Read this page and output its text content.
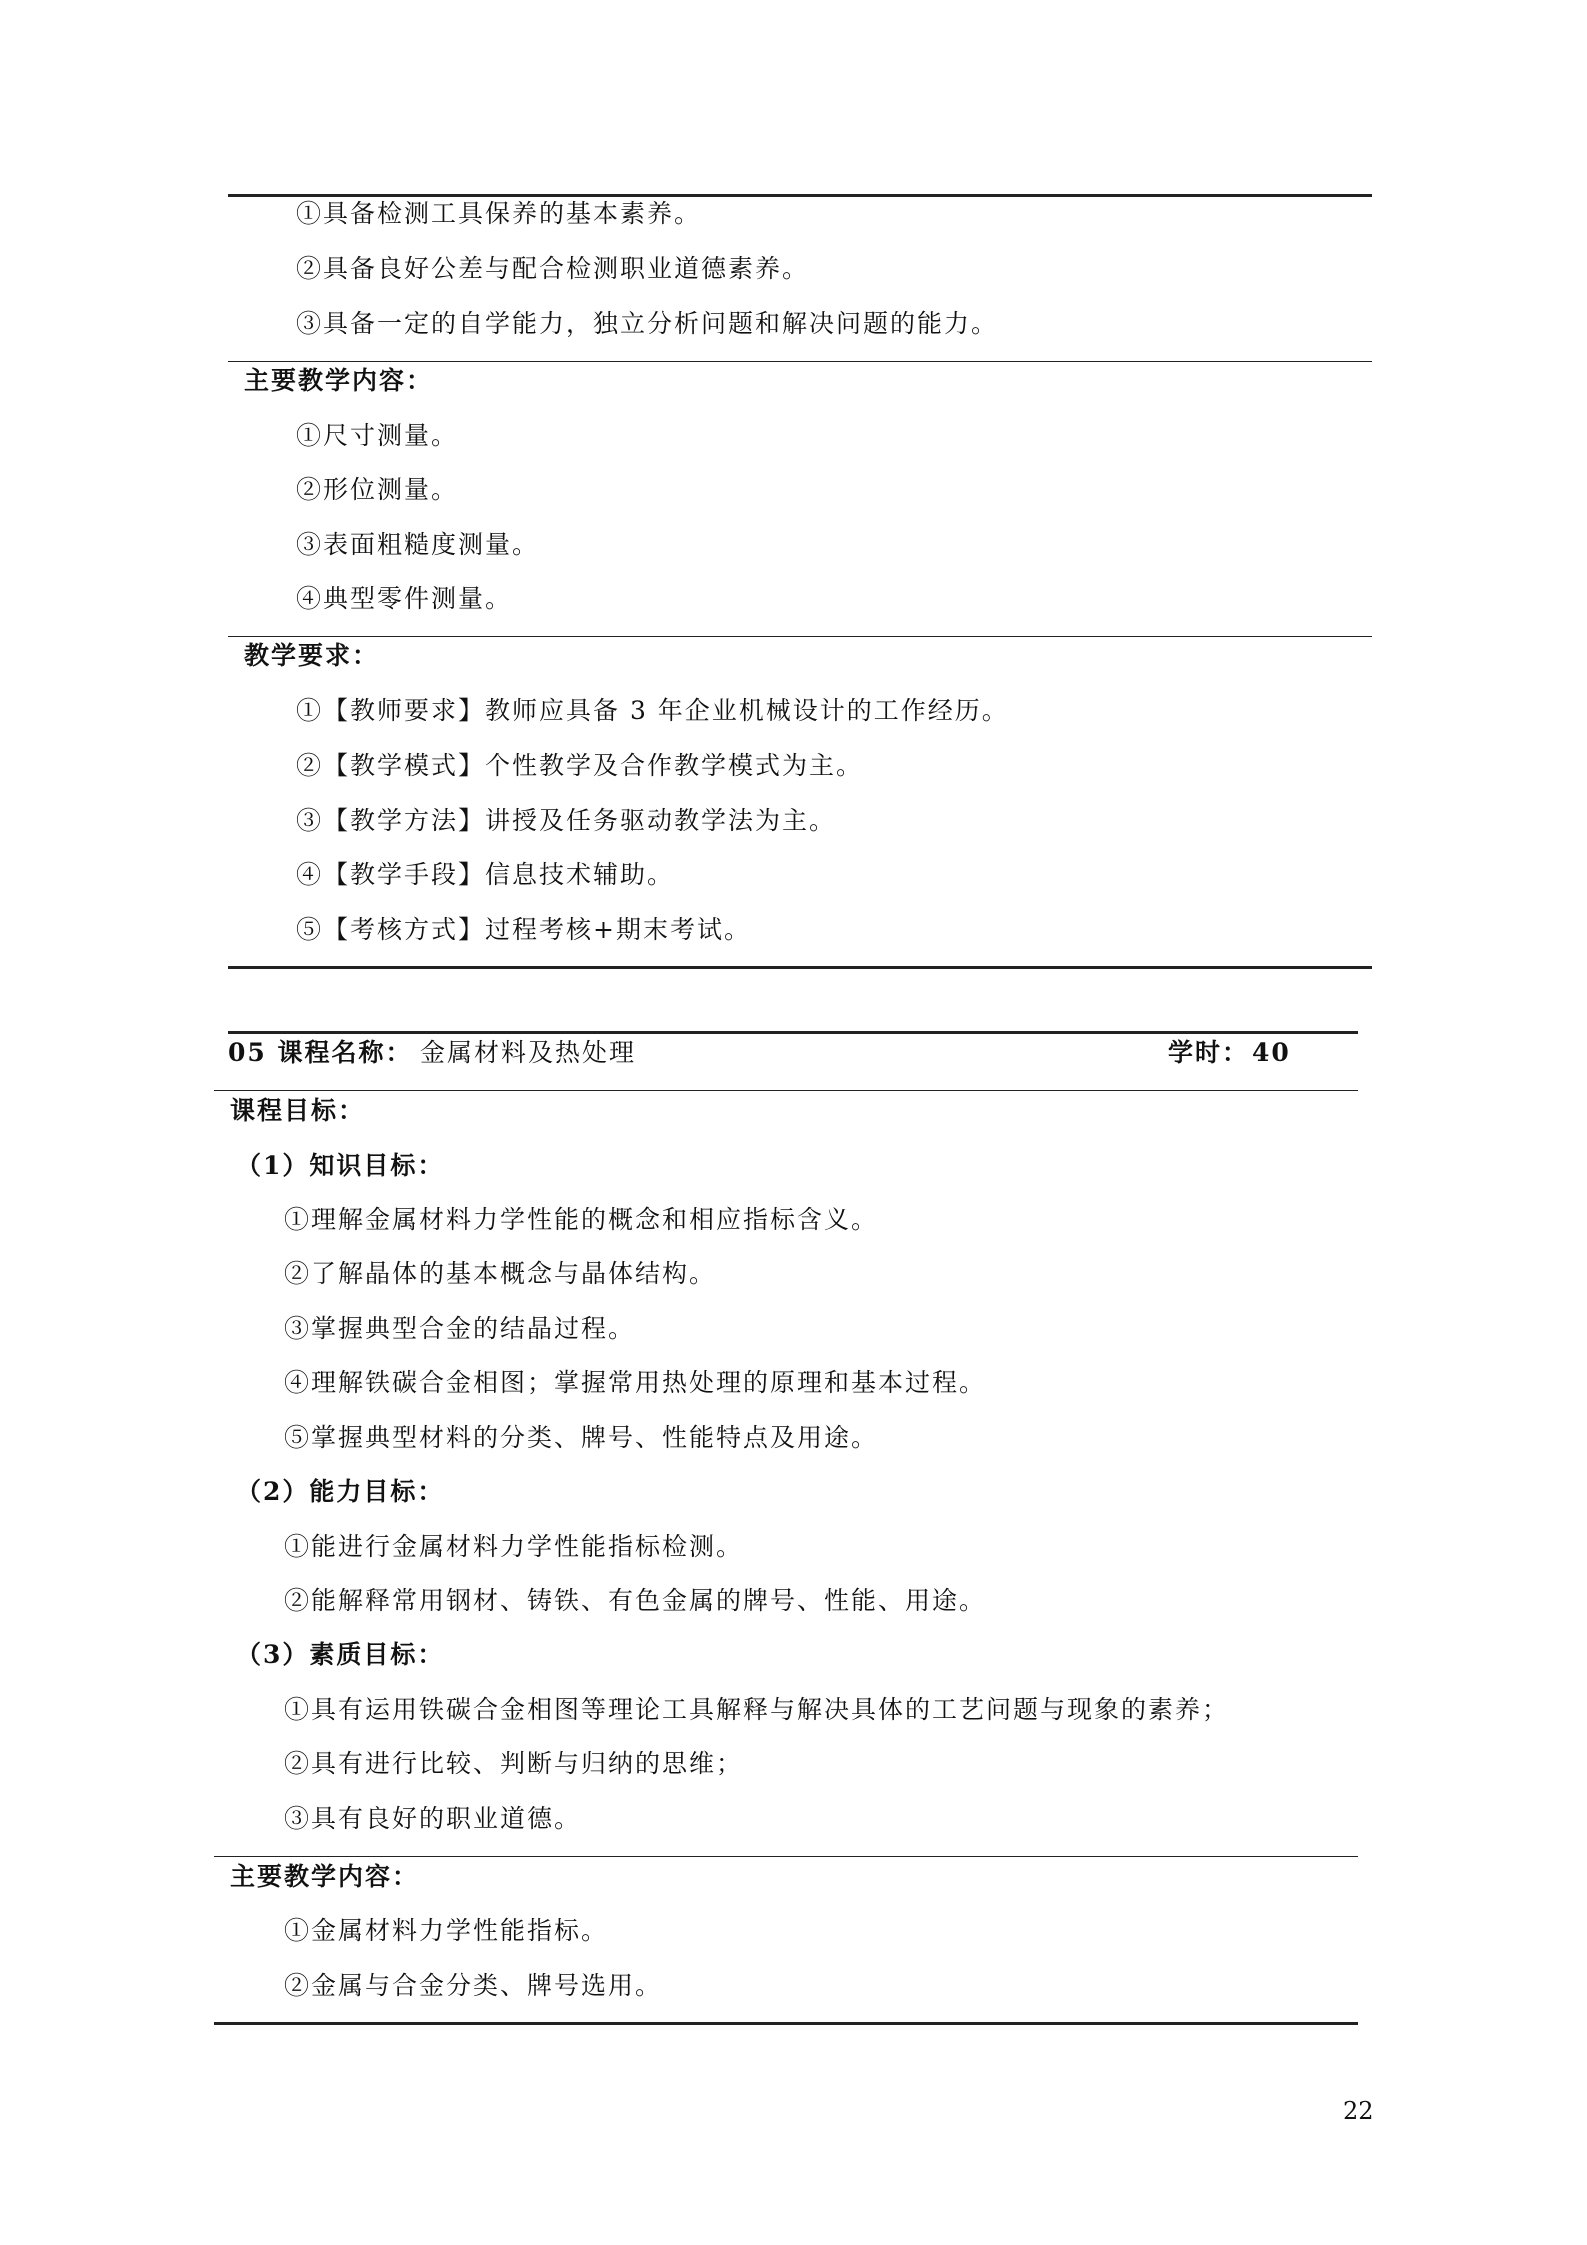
①具备检测工具保养的基本素养。
②具备良好公差与配合检测职业道德素养。
③具备一定的自学能力，独立分析问题和解决问题的能力。
主要教学内容：
①尺寸测量。
②形位测量。
③表面粗糙度测量。
④典型零件测量。
教学要求：
①【教师要求】教师应具备 3 年企业机械设计的工作经历。
②【教学模式】个性教学及合作教学模式为主。
③【教学方法】讲授及任务驱动教学法为主。
④【教学手段】信息技术辅助。
⑤【考核方式】过程考核+期末考试。
05 课程名称： 金属材料及热处理	学时： 40
课程目标：
（1）知识目标：
①理解金属材料力学性能的概念和相应指标含义。
②了解晶体的基本概念与晶体结构。
③掌握典型合金的结晶过程。
④理解铁碳合金相图；掌握常用热处理的原理和基本过程。
⑤掌握典型材料的分类、牌号、性能特点及用途。
（2）能力目标：
①能进行金属材料力学性能指标检测。
②能解释常用钢材、铸铁、有色金属的牌号、性能、用途。
（3）素质目标：
①具有运用铁碳合金相图等理论工具解释与解决具体的工艺问题与现象的素养；
②具有进行比较、判断与归纳的思维；
③具有良好的职业道德。
主要教学内容：
①金属材料力学性能指标。
②金属与合金分类、牌号选用。
22
